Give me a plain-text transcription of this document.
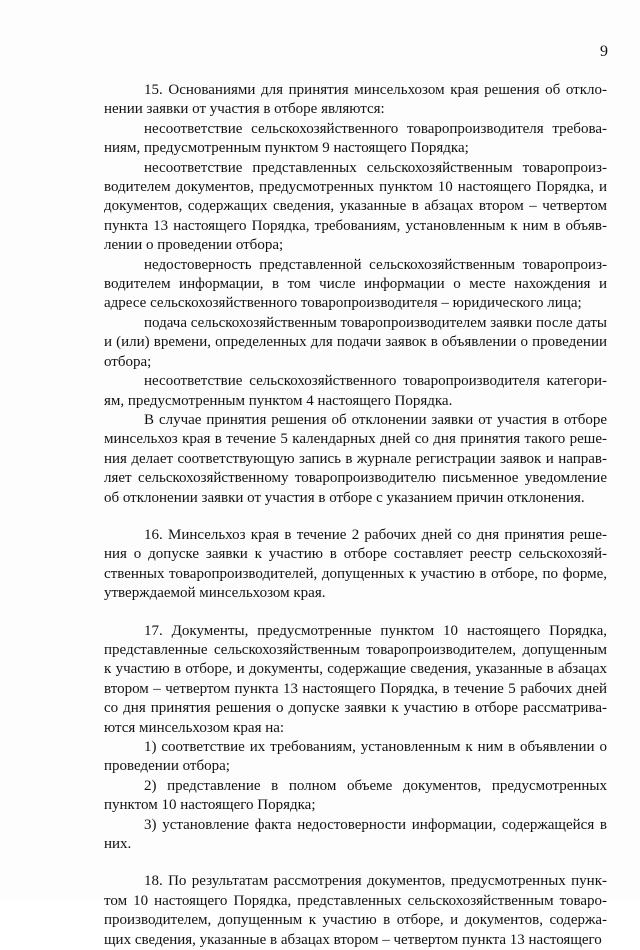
9

15. Основаниями для принятия минсельхозом края решения об отклонении заявки от участия в отборе являются:

несоответствие сельскохозяйственного товаропроизводителя требованиям, предусмотренным пунктом 9 настоящего Порядка;

несоответствие представленных сельскохозяйственным товаропроизводителем документов, предусмотренных пунктом 10 настоящего Порядка, и документов, содержащих сведения, указанные в абзацах втором – четвертом пункта 13 настоящего Порядка, требованиям, установленным к ним в объявлении о проведении отбора;

недостоверность представленной сельскохозяйственным товаропроизводителем информации, в том числе информации о месте нахождения и адресе сельскохозяйственного товаропроизводителя – юридического лица;

подача сельскохозяйственным товаропроизводителем заявки после даты и (или) времени, определенных для подачи заявок в объявлении о проведении отбора;

несоответствие сельскохозяйственного товаропроизводителя категориям, предусмотренным пунктом 4 настоящего Порядка.

В случае принятия решения об отклонении заявки от участия в отборе минсельхоз края в течение 5 календарных дней со дня принятия такого решения делает соответствующую запись в журнале регистрации заявок и направляет сельскохозяйственному товаропроизводителю письменное уведомление об отклонении заявки от участия в отборе с указанием причин отклонения.

16. Минсельхоз края в течение 2 рабочих дней со дня принятия решения о допуске заявки к участию в отборе составляет реестр сельскохозяйственных товаропроизводителей, допущенных к участию в отборе, по форме, утверждаемой минсельхозом края.

17. Документы, предусмотренные пунктом 10 настоящего Порядка, представленные сельскохозяйственным товаропроизводителем, допущенным к участию в отборе, и документы, содержащие сведения, указанные в абзацах втором – четвертом пункта 13 настоящего Порядка, в течение 5 рабочих дней со дня принятия решения о допуске заявки к участию в отборе рассматриваются минсельхозом края на:

1) соответствие их требованиям, установленным к ним в объявлении о проведении отбора;

2) представление в полном объеме документов, предусмотренных пунктом 10 настоящего Порядка;

3) установление факта недостоверности информации, содержащейся в них.

18. По результатам рассмотрения документов, предусмотренных пунктом 10 настоящего Порядка, представленных сельскохозяйственным товаропроизводителем, допущенным к участию в отборе, и документов, содержащих сведения, указанные в абзацах втором – четвертом пункта 13 настоящего
